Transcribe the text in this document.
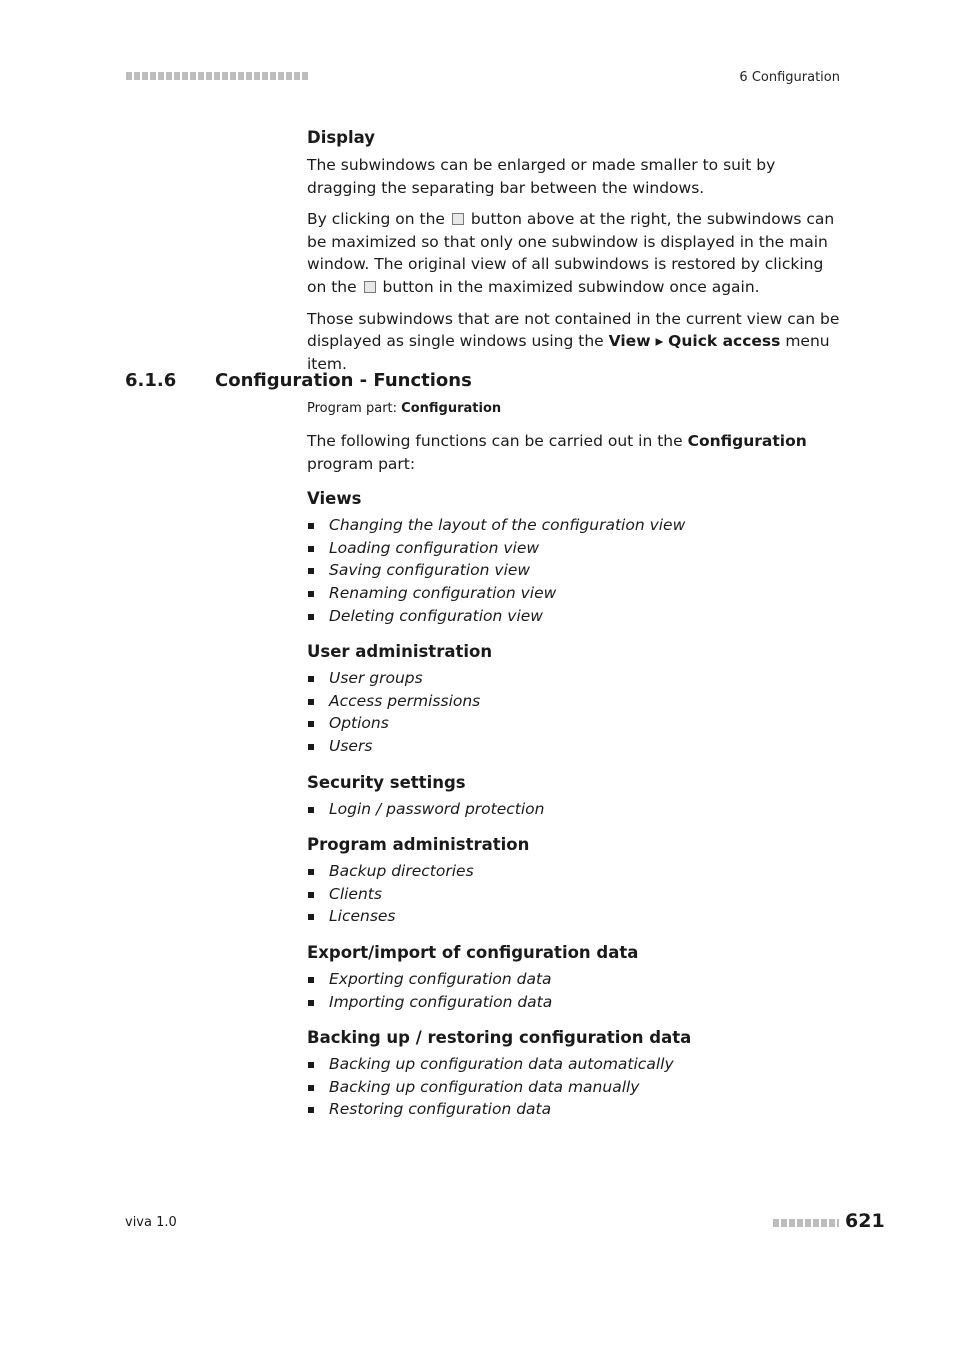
6 Configuration
Display

The subwindows can be enlarged or made smaller to suit by dragging the separating bar between the windows.

By clicking on the button above at the right, the subwindows can be maximized so that only one subwindow is displayed in the main window. The original view of all subwindows is restored by clicking on the button in the maximized subwindow once again.

Those subwindows that are not contained in the current view can be displayed as single windows using the View ▸ Quick access menu item.

6.1.6 Configuration - Functions
Program part: Configuration
The following functions can be carried out in the Configuration program part:
Views
Changing the layout of the configuration view
Loading configuration view
Saving configuration view
Renaming configuration view
Deleting configuration view
User administration
User groups
Access permissions
Options
Users
Security settings
Login / password protection
Program administration
Backup directories
Clients
Licenses
Export/import of configuration data
Exporting configuration data
Importing configuration data
Backing up / restoring configuration data
Backing up configuration data automatically
Backing up configuration data manually
Restoring configuration data
viva 1.0	621
